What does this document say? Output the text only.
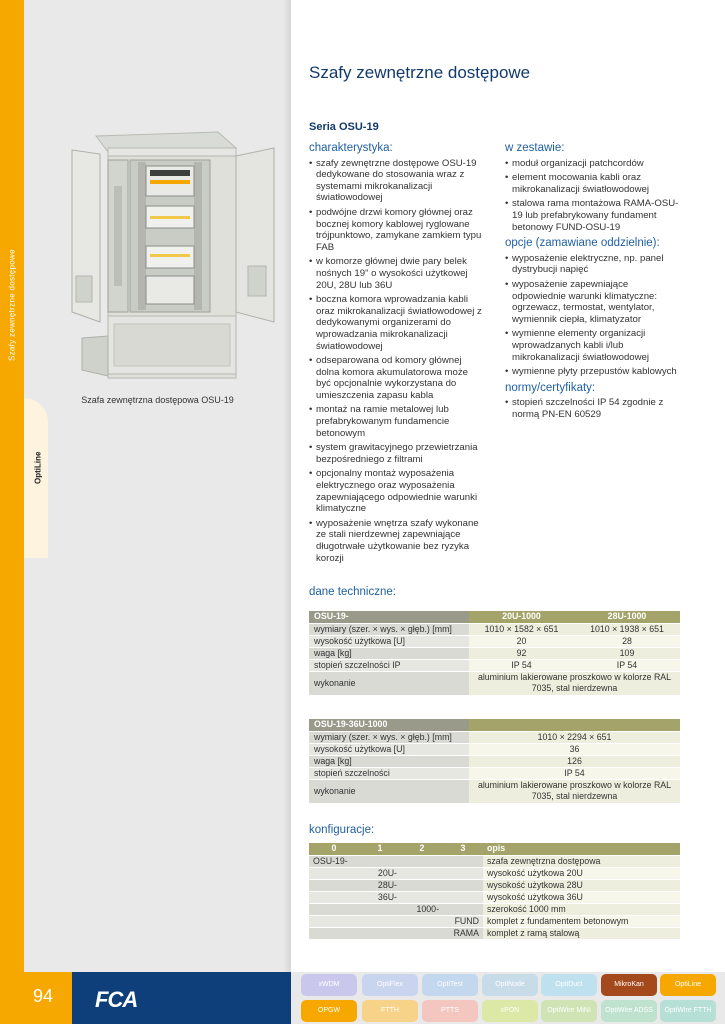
Szafy zewnętrzne dostępowe
OptiLine
Szafa zewnętrzna dostępowa OSU-19
Szafy zewnętrzne dostępowe
Seria OSU-19
charakterystyka:
• szafy zewnętrzne dostępowe OSU-19 dedykowane do stosowania wraz z systemami mikrokanalizacji światłowodowej
• podwójne drzwi komory głównej oraz bocznej komory kablowej ryglowane trójpunktowo, zamykane zamkiem typu FAB
• w komorze głównej dwie pary belek nośnych 19" o wysokości użytkowej 20U, 28U lub 36U
• boczna komora wprowadzania kabli oraz mikrokanalizacji światłowodowej z dedykowanymi organizerami do wprowadzania mikrokanalizacji światłowodowej
• odseparowana od komory głównej dolna komora akumulatorowa może być opcjonalnie wykorzystana do umieszczenia zapasu kabla
• montaż na ramie metalowej lub prefabrykowanym fundamencie betonowym
• system grawitacyjnego przewietrzania bezpośredniego z filtrami
• opcjonalny montaż wyposażenia elektrycznego oraz wyposażenia zapewniającego odpowiednie warunki klimatyczne
• wyposażenie wnętrza szafy wykonane ze stali nierdzewnej zapewniające długotrwałe użytkowanie bez ryzyka korozji
w zestawie:
• moduł organizacji patchcordów
• element mocowania kabli oraz mikrokanalizacji światłowodowej
• stalowa rama montażowa RAMA-OSU-19 lub prefabrykowany fundament betonowy FUND-OSU-19
opcje (zamawiane oddzielnie):
• wyposażenie elektryczne, np. panel dystrybucji napięć
• wyposażenie zapewniające odpowiednie warunki klimatyczne: ogrzewacz, termostat, wentylator, wymiennik ciepła, klimatyzator
• wymienne elementy organizacji wprowadzanych kabli i/lub mikrokanalizacji światłowodowej
• wymienne płyty przepustów kablowych
normy/certyfikaty:
• stopień szczelności IP 54 zgodnie z normą PN-EN 60529
dane techniczne:
OSU-19-	20U-1000	28U-1000
wymiary (szer. × wys. × głęb.) [mm]	1010 × 1582 × 651	1010 × 1938 × 651
wysokość użytkowa [U]	20	28
waga [kg]	92	109
stopień szczelności IP	IP 54	IP 54
wykonanie	aluminium lakierowane proszkowo w kolorze RAL 7035, stal nierdzewna	
OSU-19-36U-1000	
wymiary (szer. × wys. × głęb.) [mm]	1010 × 2294 × 651
wysokość użytkowa [U]	36
waga [kg]	126
stopień szczelności	IP 54
wykonanie	aluminium lakierowane proszkowo w kolorze RAL 7035, stal nierdzewna
konfiguracje:
0	1	2	3	opis
OSU-19-				szafa zewnętrzna dostępowa
	20U-			wysokość użytkowa 20U
	28U-			wysokość użytkowa 28U
	36U-			wysokość użytkowa 36U
		1000-		szerokość 1000 mm
			FUND	komplet z fundamentem betonowym
			RAMA	komplet z ramą stalową
94 FCA
xWDM	OptiFlex	OptiTest	OptiNode	OptiDuct	MikroKan	OptiLine
OPGW	FTTH	PTTS	xPON	OptiWire MiNI	OptiWire ADSS	OptiWire FTTH
